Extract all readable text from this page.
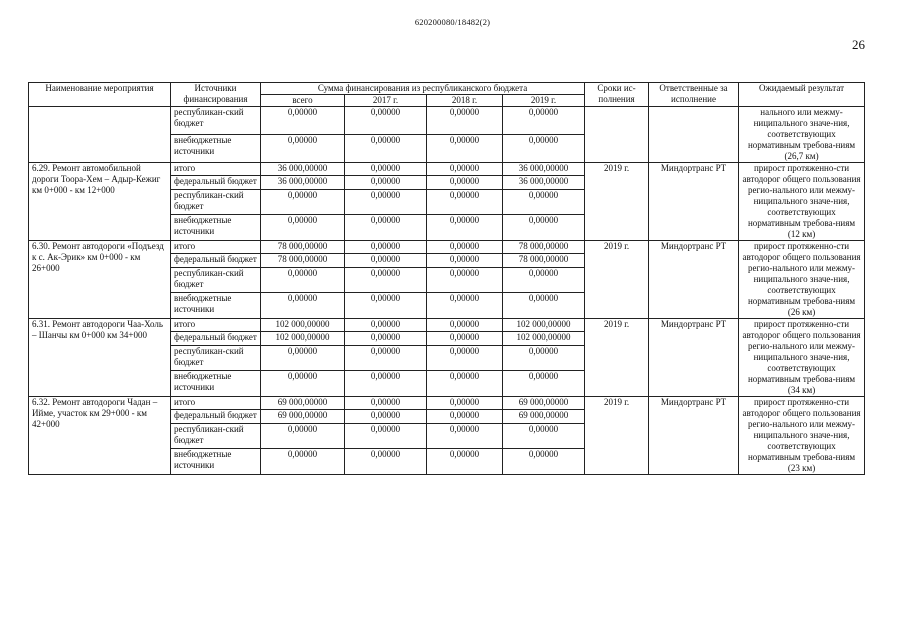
620200080/18482(2)
26
Наименование мероприятия	Источники финансирования	Сумма финансирования из республиканского бюджета				Сроки ис-полнения	Ответственные за исполнение	Ожидаемый результат
		всего	2017 г.	2018 г.	2019 г.			
	республикан-ский бюджет	0,00000	0,00000	0,00000	0,00000			нального или межму-ниципального значе-ния, соответствующих нормативным требова-ниям (26,7 км)
	внебюджетные источники	0,00000	0,00000	0,00000	0,00000			
6.29. Ремонт автомобильной дороги Тоора-Хем – Адыр-Кежиг км 0+000 - км 12+000	итого	36 000,00000	0,00000	0,00000	36 000,00000	2019 г.	Миндортранс РТ	прирост протяженно-сти автодорог общего пользования регио-нального или межму-ниципального значе-ния, соответствующих нормативным требова-ниям (12 км)
	федеральный бюджет	36 000,00000	0,00000	0,00000	36 000,00000			
	республикан-ский бюджет	0,00000	0,00000	0,00000	0,00000			
	внебюджетные источники	0,00000	0,00000	0,00000	0,00000			
6.30. Ремонт автодороги «Подъезд к с. Ак-Эрик» км 0+000 - км 26+000	итого	78 000,00000	0,00000	0,00000	78 000,00000	2019 г.	Миндортранс РТ	прирост протяженно-сти автодорог общего пользования регио-нального или межму-ниципального значе-ния, соответствующих нормативным требова-ниям (26 км)
	федеральный бюджет	78 000,00000	0,00000	0,00000	78 000,00000			
	республикан-ский бюджет	0,00000	0,00000	0,00000	0,00000			
	внебюджетные источники	0,00000	0,00000	0,00000	0,00000			
6.31. Ремонт автодороги Чаа-Холь – Шанчы км 0+000 км 34+000	итого	102 000,00000	0,00000	0,00000	102 000,00000	2019 г.	Миндортранс РТ	прирост протяженно-сти автодорог общего пользования регио-нального или межму-ниципального значе-ния, соответствующих нормативным требова-ниям (34 км)
	федеральный бюджет	102 000,00000	0,00000	0,00000	102 000,00000			
	республикан-ский бюджет	0,00000	0,00000	0,00000	0,00000			
	внебюджетные источники	0,00000	0,00000	0,00000	0,00000			
6.32. Ремонт автодороги Чадан – Ийме, участок км 29+000 - км 42+000	итого	69 000,00000	0,00000	0,00000	69 000,00000	2019 г.	Миндортранс РТ	прирост протяженно-сти автодорог общего пользования регио-нального или межму-ниципального значе-ния, соответствующих нормативным требова-ниям (23 км)
	федеральный бюджет	69 000,00000	0,00000	0,00000	69 000,00000			
	республикан-ский бюджет	0,00000	0,00000	0,00000	0,00000			
	внебюджетные источники	0,00000	0,00000	0,00000	0,00000			
